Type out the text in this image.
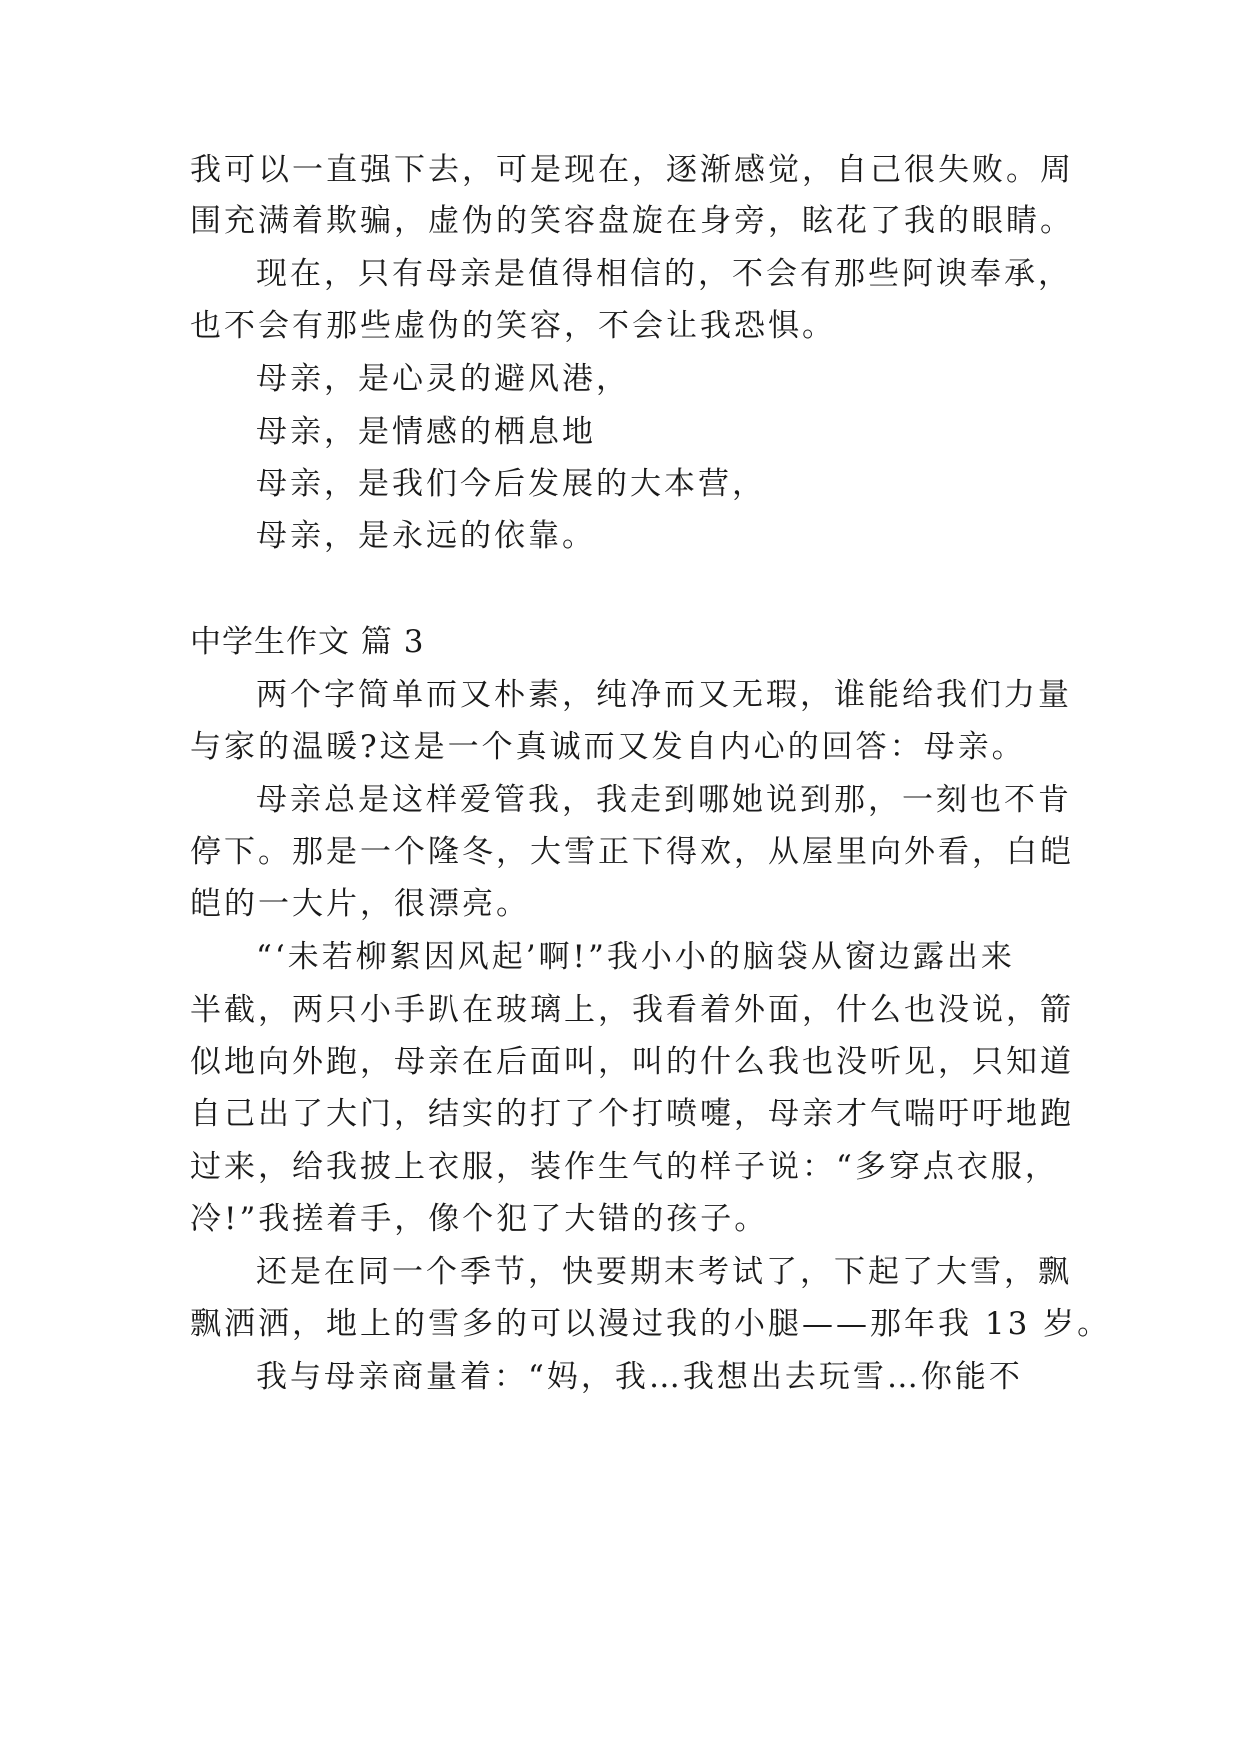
我可以一直强下去，可是现在，逐渐感觉，自己很失败。周
围充满着欺骗，虚伪的笑容盘旋在身旁，眩花了我的眼睛。
现在，只有母亲是值得相信的，不会有那些阿谀奉承，
也不会有那些虚伪的笑容，不会让我恐惧。
母亲，是心灵的避风港，
母亲，是情感的栖息地
母亲，是我们今后发展的大本营，
母亲，是永远的依靠。
中学生作文 篇 3
两个字简单而又朴素，纯净而又无瑕，谁能给我们力量
与家的温暖?这是一个真诚而又发自内心的回答：母亲。
母亲总是这样爱管我，我走到哪她说到那，一刻也不肯
停下。那是一个隆冬，大雪正下得欢，从屋里向外看，白皑
皑的一大片，很漂亮。
“‘未若柳絮因风起’啊!”我小小的脑袋从窗边露出来
半截，两只小手趴在玻璃上，我看着外面，什么也没说，箭
似地向外跑，母亲在后面叫，叫的什么我也没听见，只知道
自己出了大门，结实的打了个打喷嚏，母亲才气喘吁吁地跑
过来，给我披上衣服，装作生气的样子说：“多穿点衣服，
冷!”我搓着手，像个犯了大错的孩子。
还是在同一个季节，快要期末考试了，下起了大雪，飘
飘洒洒，地上的雪多的可以漫过我的小腿——那年我 13 岁。
我与母亲商量着：“妈，我…我想出去玩雪…你能不
